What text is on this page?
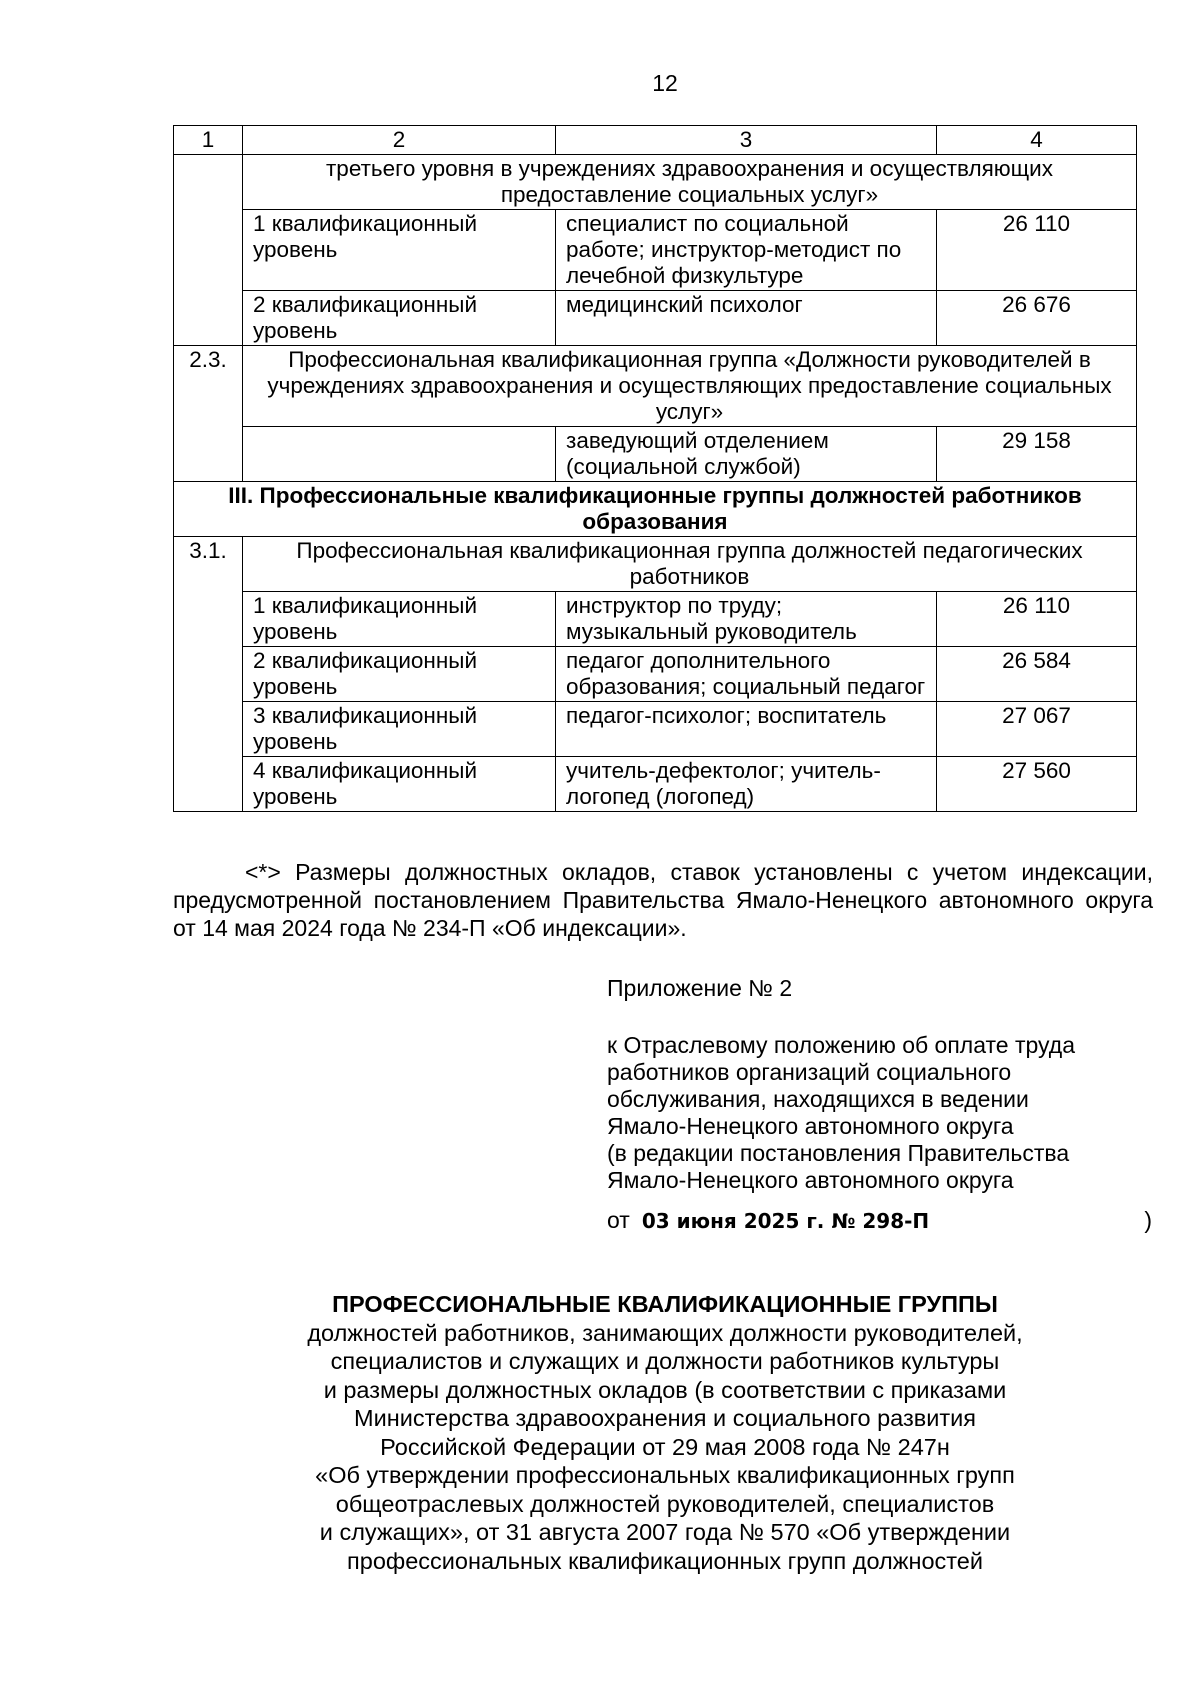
12
1	2	3	4
	третьего уровня в учреждениях здравоохранения и осуществляющих предоставление социальных услуг»		
	1 квалификационный уровень	специалист по социальной работе; инструктор-методист по лечебной физкультуре	26 110
	2 квалификационный уровень	медицинский психолог	26 676
2.3.	Профессиональная квалификационная группа «Должности руководителей в учреждениях здравоохранения и осуществляющих предоставление социальных услуг»		
		заведующий отделением (социальной службой)	29 158
III. Профессиональные квалификационные группы должностей работников образования			
3.1.	Профессиональная квалификационная группа должностей педагогических работников		
	1 квалификационный уровень	инструктор по труду; музыкальный руководитель	26 110
	2 квалификационный уровень	педагог дополнительного образования; социальный педагог	26 584
	3 квалификационный уровень	педагог-психолог; воспитатель	27 067
	4 квалификационный уровень	учитель-дефектолог; учитель-логопед (логопед)	27 560
<*> Размеры должностных окладов, ставок установлены с учетом индексации, предусмотренной постановлением Правительства Ямало-Ненецкого автономного округа от 14 мая 2024 года № 234-П «Об индексации».
Приложение № 2
к Отраслевому положению об оплате труда
работников организаций социального
обслуживания, находящихся в ведении
Ямало-Ненецкого автономного округа
(в редакции постановления Правительства
Ямало-Ненецкого автономного округа
от 03 июня 2025 г. № 298-П	)
ПРОФЕССИОНАЛЬНЫЕ КВАЛИФИКАЦИОННЫЕ ГРУППЫ
должностей работников, занимающих должности руководителей,
специалистов и служащих и должности работников культуры
и размеры должностных окладов (в соответствии с приказами
Министерства здравоохранения и социального развития
Российской Федерации от 29 мая 2008 года № 247н
«Об утверждении профессиональных квалификационных групп
общеотраслевых должностей руководителей, специалистов
и служащих», от 31 августа 2007 года № 570 «Об утверждении
профессиональных квалификационных групп должностей
